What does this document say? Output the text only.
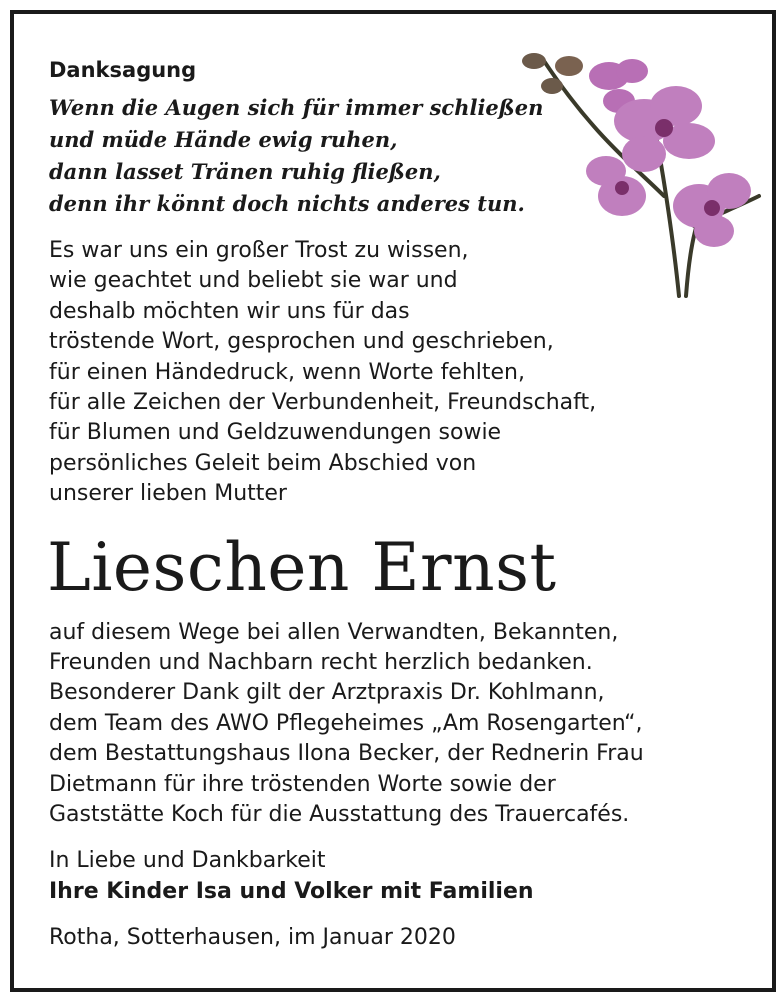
Danksagung
Wenn die Augen sich für immer schließen
und müde Hände ewig ruhen,
dann lasset Tränen ruhig fließen,
denn ihr könnt doch nichts anderes tun.
Es war uns ein großer Trost zu wissen,
wie geachtet und beliebt sie war und
deshalb möchten wir uns für das
tröstende Wort, gesprochen und geschrieben,
für einen Händedruck, wenn Worte fehlten,
für alle Zeichen der Verbundenheit, Freundschaft,
für Blumen und Geldzuwendungen sowie
persönliches Geleit beim Abschied von
unserer lieben Mutter
Lieschen Ernst
auf diesem Wege bei allen Verwandten, Bekannten,
Freunden und Nachbarn recht herzlich bedanken.
Besonderer Dank gilt der Arztpraxis Dr. Kohlmann,
dem Team des AWO Pflegeheimes „Am Rosengarten“,
dem Bestattungshaus Ilona Becker, der Rednerin Frau
Dietmann für ihre tröstenden Worte sowie der
Gaststätte Koch für die Ausstattung des Trauercafés.
In Liebe und Dankbarkeit
Ihre Kinder Isa und Volker mit Familien
Rotha, Sotterhausen, im Januar 2020
